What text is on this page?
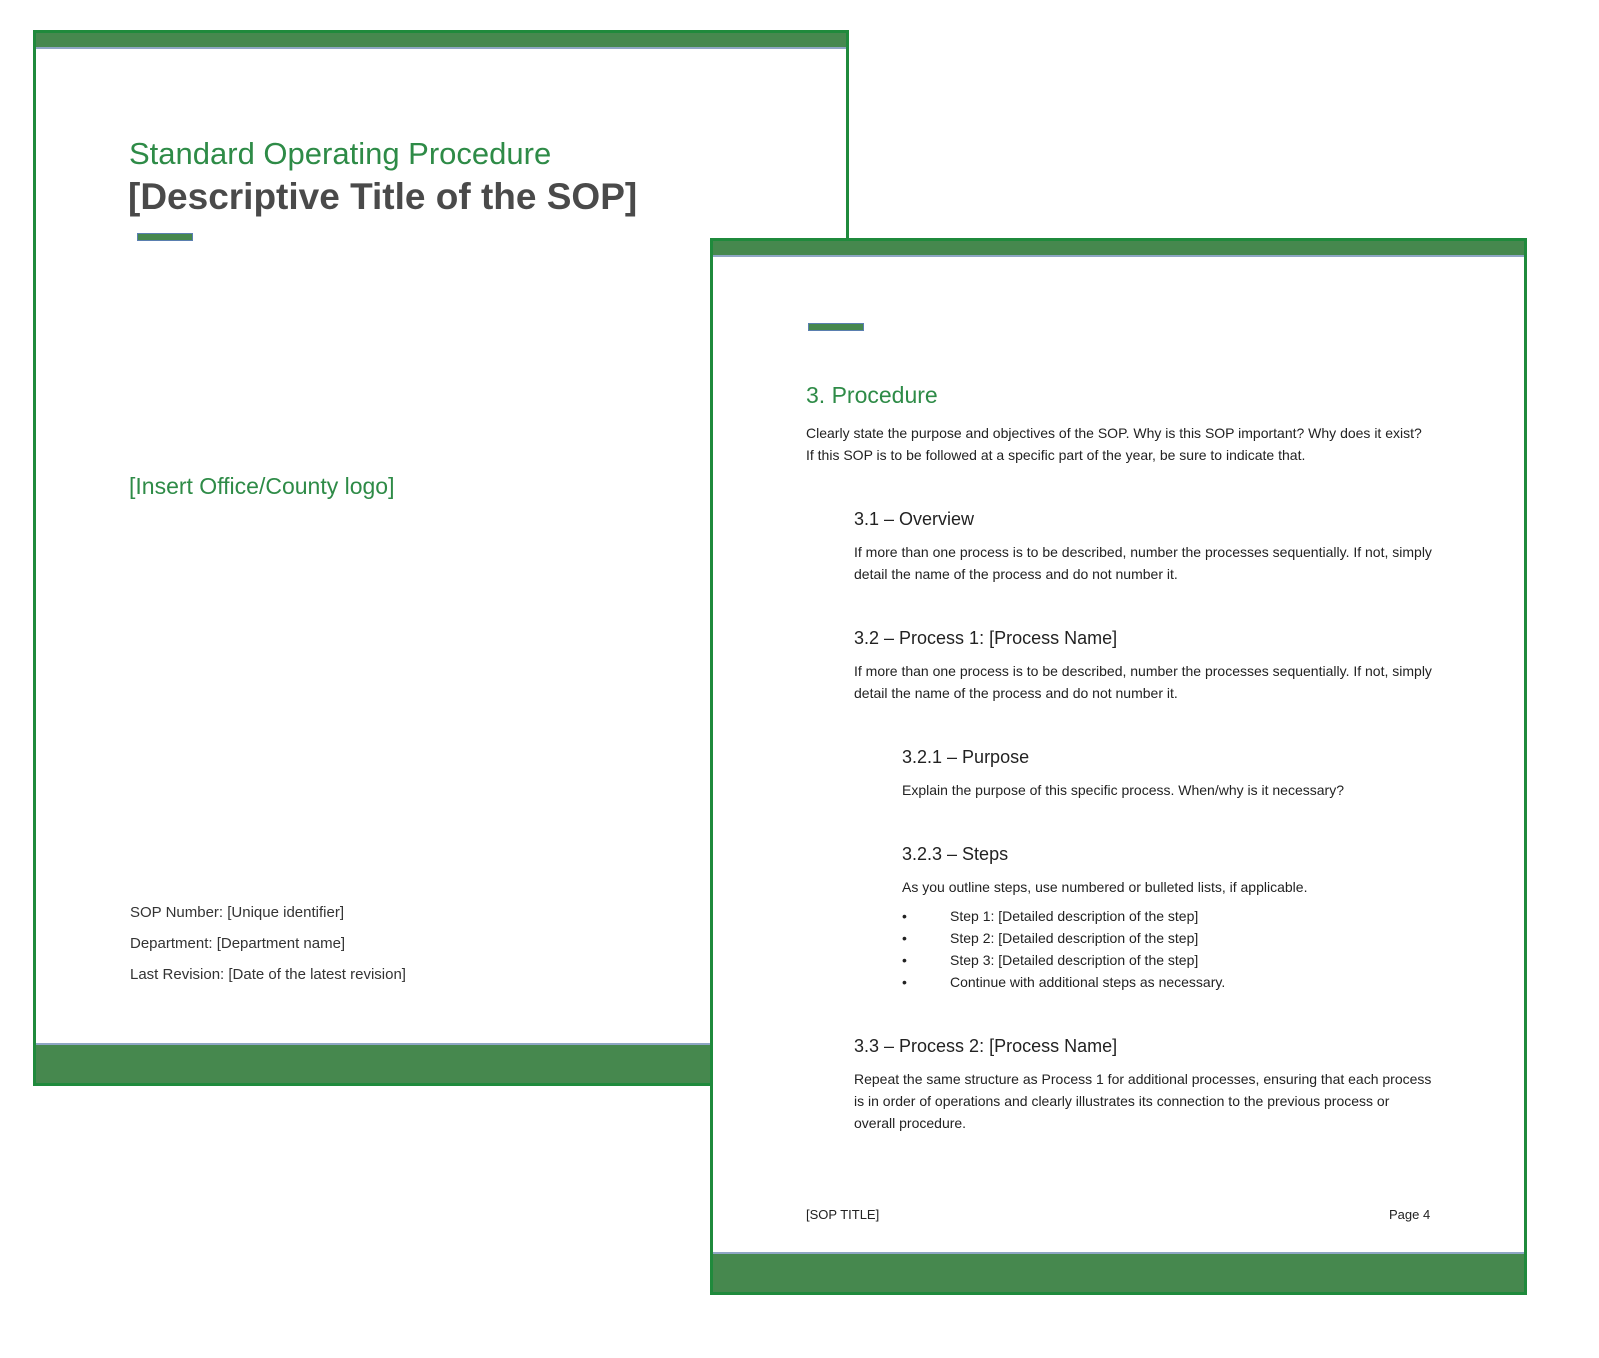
Standard Operating Procedure
[Descriptive Title of the SOP]
[Insert Office/County logo]
SOP Number: [Unique identifier]
Department: [Department name]
Last Revision: [Date of the latest revision]
3. Procedure
Clearly state the purpose and objectives of the SOP. Why is this SOP important? Why does it exist? If this SOP is to be followed at a specific part of the year, be sure to indicate that.
3.1 – Overview
If more than one process is to be described, number the processes sequentially. If not, simply detail the name of the process and do not number it.
3.2 – Process 1: [Process Name]
If more than one process is to be described, number the processes sequentially. If not, simply detail the name of the process and do not number it.
3.2.1 – Purpose
Explain the purpose of this specific process. When/why is it necessary?
3.2.3 – Steps
As you outline steps, use numbered or bulleted lists, if applicable.
•	Step 1: [Detailed description of the step]
•	Step 2: [Detailed description of the step]
•	Step 3: [Detailed description of the step]
•	Continue with additional steps as necessary.
3.3 – Process 2: [Process Name]
Repeat the same structure as Process 1 for additional processes, ensuring that each process is in order of operations and clearly illustrates its connection to the previous process or overall procedure.
[SOP TITLE]	Page 4
